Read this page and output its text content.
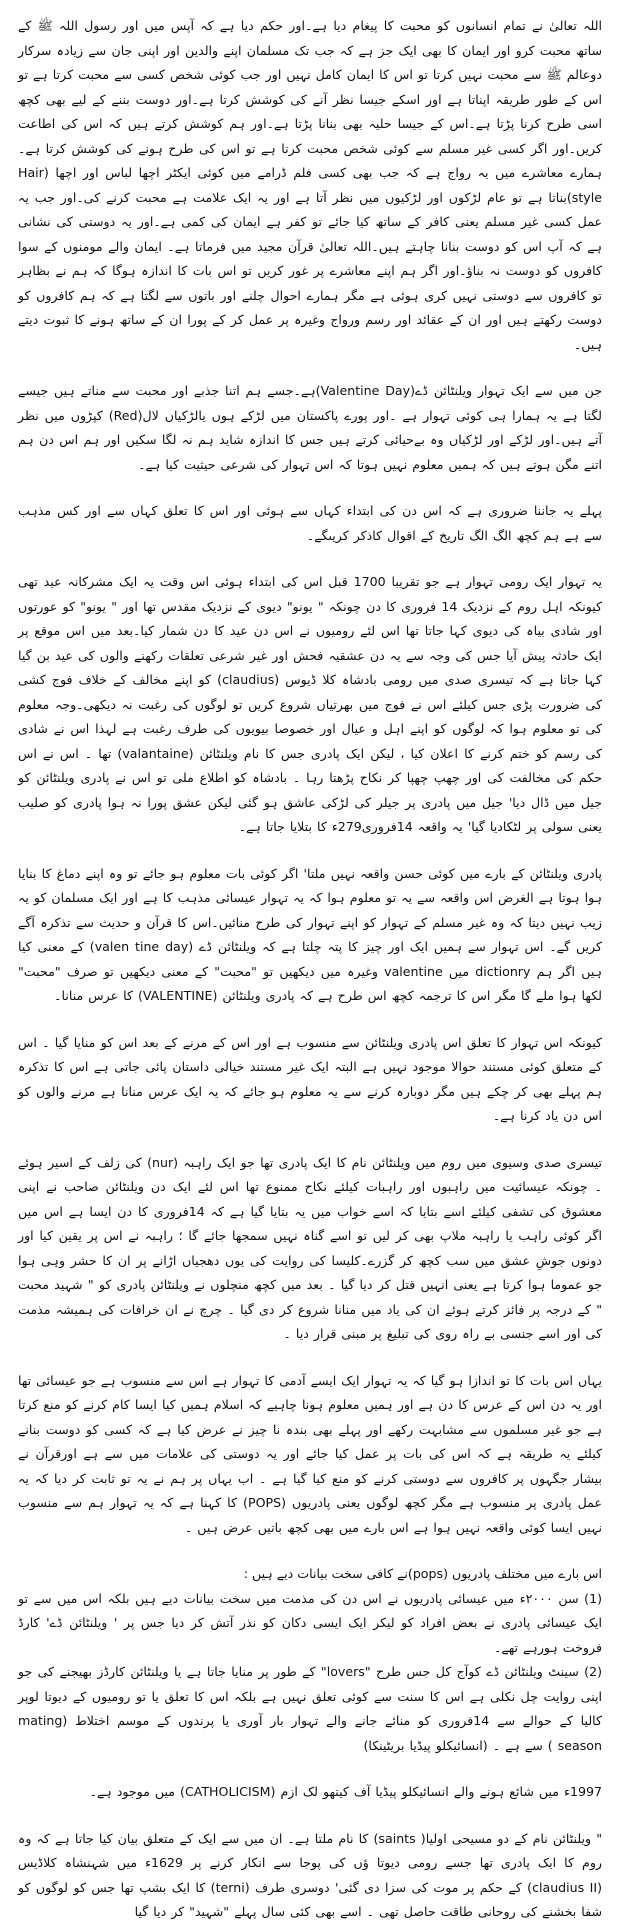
اللہ تعالیٰ نے تمام انسانوں کو محبت کا پیغام دیا ہے۔اور حکم دیا ہے کہ آپس میں اور رسول اللہ ﷺ کے ساتھ محبت کرو اور ایمان کا بھی ایک جز ہے کہ جب تک مسلمان اپنے والدین اور اپنی جان سے زیادہ سرکار دوعالم ﷺ سے محبت نہیں کرتا تو اس کا ایمان کامل نہیں اور جب کوئی شخص کسی سے محبت کرتا ہے تو اس کے طور طریقہ اپناتا ہے اور اسکے جیسا نظر آنے کی کوشش کرتا ہے۔اور دوست بننے کے لیے بھی کچھ اسی طرح کرنا پڑتا ہے۔اس کے جیسا حلیہ بھی بنانا پڑتا ہے۔اور ہم کوشش کرتے ہیں کہ اس کی اطاعت کریں۔اور اگر کسی غیر مسلم سے کوئی شخص محبت کرتا ہے تو اس کی طرح ہونے کی کوشش کرتا ہے۔ہمارے معاشرے میں یہ رواج ہے کہ جب بھی کسی فلم ڈرامے میں کوئی ایکٹر اچھا لباس اور اچھا (Hair style)بناتا ہے تو عام لڑکوں اور لڑکیوں میں نظر آتا ہے اور یہ ایک علامت ہے محبت کرنے کی۔اور جب یہ عمل کسی غیر مسلم یعنی کافر کے ساتھ کیا جائے تو کفر ہے ایمان کی کمی ہے۔اور یہ دوستی کی نشانی ہے کہ آپ اس کو دوست بنانا چاہتے ہیں۔اللہ تعالیٰ قرآن مجید میں فرماتا ہے۔ ایمان والے مومنوں کے سوا کافروں کو دوست نہ بناؤ۔اور اگر ہم اپنے معاشرے پر غور کریں تو اس بات کا اندازہ ہوگا کہ ہم نے بظاہر تو کافروں سے دوستی نہیں کری ہوئی ہے مگر ہمارے احوال چلنے اور باتوں سے لگتا ہے کہ ہم کافروں کو دوست رکھتے ہیں اور ان کے عقائد اور رسم ورواج وغیرہ پر عمل کر کے پورا ان کے ساتھ ہونے کا ثبوت دیتے ہیں۔

جن میں سے ایک تہوار ویلنٹائن ڈے(Valentine Day)ہے۔جسے ہم اتنا جذبے اور محبت سے مناتے ہیں جیسے لگتا ہے یہ ہمارا ہی کوئی تہوار ہے ۔اور پورے پاکستان میں لڑکے ہوں یالڑکیاں لال(Red) کپڑوں میں نظر آتے ہیں۔اور لڑکے اور لڑکیاں وہ بےحیائی کرتے ہیں جس کا اندازہ شاید ہم نہ لگا سکیں اور ہم اس دن ہم اتنے مگن ہوتے ہیں کہ ہمیں معلوم نہیں ہوتا کہ اس تہوار کی شرعی حیثیت کیا ہے۔

پہلے یہ جاننا ضروری ہے کہ اس دن کی ابتداء کہاں سے ہوئی اور اس کا تعلق کہاں سے اور کس مذہب سے ہے ہم کچھ الگ الگ تاریخ کے اقوال کاذکر کریںگے۔

یہ تہوار ایک رومی تہوار ہے جو تقریبا 1700 قبل اس کی ابتداء ہوئی اس وقت یہ ایک مشرکانہ عید تھی کیونکہ اہل روم کے نزدیک 14 فروری کا دن چونکہ " یونو" دیوی کے نزدیک مقدس تھا اور " یونو" کو عورتوں اور شادی بیاہ کی دیوی کہا جاتا تھا اس لئے رومیوں نے اس دن عید کا دن شمار کیا۔بعد میں اس موقع پر ایک حادثہ پیش آیا جس کی وجہ سے یہ دن عشقیہ فحش اور غیر شرعی تعلقات رکھنے والوں کی عید بن گیا کہا جاتا ہے کہ تیسری صدی میں رومی بادشاہ کلا ڈیوس (claudius) کو اپنے مخالف کے خلاف فوج کشی کی ضرورت پڑی جس کیلئے اس نے فوج میں بھرتیاں شروع کریں تو لوگوں کی رغبت نہ دیکھی۔وجہ معلوم کی تو معلوم ہوا کہ لوگوں کو اپنے اہل و عیال اور خصوصا بیویوں کی طرف رغبت ہے لہذا اس نے شادی کی رسم کو ختم کرنے کا اعلان کیا ، لیکن ایک پادری جس کا نام ویلنٹائن (valantaine) تھا ۔ اس نے اس حکم کی مخالفت کی اور چھپ چھپا کر نکاح پڑھتا رہا ۔ بادشاہ کو اطلاع ملی تو اس نے پادری ویلنٹائن کو جیل میں ڈال دیا' جیل میں پادری پر جیلر کی لڑکی عاشق ہو گئی لیکن عشق پورا نہ ہوا پادری کو صلیب یعنی سولی پر لٹکادیا گیا' یہ واقعہ 14فروری279ء کا بتلایا جاتا ہے۔

پادری ویلنٹائن کے بارے میں کوئی حسن واقعہ نہیں ملتا' اگر کوئی بات معلوم ہو جائے تو وہ اپنے دماغ کا بنایا ہوا ہوتا ہے الغرض اس واقعہ سے یہ تو معلوم ہوا کہ یہ تہوار عیسائی مذہب کا ہے اور ایک مسلمان کو یہ زیب نہیں دیتا کہ وہ غیر مسلم کے تہوار کو اپنے تہوار کی طرح منائیں۔اس کا قرآن و حدیث سے تذکرہ آگے کریں گے۔ اس تہوار سے ہمیں ایک اور چیز کا پتہ چلتا ہے کہ ویلنٹائن ڈے (valen tine day) کے معنی کیا ہیں اگر ہم dictionry میں valentine وغیرہ میں دیکھیں تو "محبت" کے معنی دیکھیں تو صرف "محبت" لکھا ہوا ملے گا مگر اس کا ترجمہ کچھ اس طرح ہے کہ پادری ویلنٹائن (VALENTINE) کا عرس منانا۔

کیونکہ اس تہوار کا تعلق اس پادری ویلنٹائن سے منسوب ہے اور اس کے مرنے کے بعد اس کو منایا گیا ۔ اس کے متعلق کوئی مستند حوالا موجود نہیں ہے البتہ ایک غیر مستند خیالی داستان پائی جاتی ہے اس کا تذکرہ ہم پہلے بھی کر چکے ہیں مگر دوبارہ کرنے سے یہ معلوم ہو جائے کہ یہ ایک عرس منانا ہے مرنے والوں کو اس دن یاد کرنا ہے۔

تیسری صدی وسیوی میں روم میں ویلنٹائن نام کا ایک پادری تھا جو ایک راہبہ (nur) کی زلف کے اسیر ہوئے ۔ چونکہ عیسائیت میں راہبوں اور راہبات کیلئے نکاح ممنوع تھا اس لئے ایک دن ویلنٹائن صاحب نے اپنی معشوق کی تشفی کیلئے اسے بتایا کہ اسے خواب میں یہ بتایا گیا ہے کہ 14فروری کا دن ایسا ہے اس میں اگر کوئی راہب یا راہبہ ملاپ بھی کر لیں تو اسے گناہ نہیں سمجھا جائے گا ؛ راہبہ نے اس پر یقین کیا اور دونوں جوشِ عشق میں سب کچھ کر گزرے۔کلیسا کی روایت کی یوں دھجیاں اڑانے پر ان کا حشر وہی ہوا جو عموما ہوا کرتا ہے یعنی انہیں قتل کر دیا گیا ۔ بعد میں کچھ منچلوں نے ویلنٹائن پادری کو " شہید محبت " کے درجہ پر فائز کرتے ہوئے ان کی یاد میں منانا شروع کر دی گیا ۔ چرچ نے ان خرافات کی ہمیشہ مذمت کی اور اسے جنسی بے راہ روی کی تبلیغ پر مبنی قرار دیا ۔

یہاں اس بات کا تو اندازا ہو گیا کہ یہ تہوار ایک ایسے آدمی کا تہوار ہے اس سے منسوب ہے جو عیسائی تھا اور یہ دن اس کے عرس کا دن ہے اور ہمیں معلوم ہونا چاہیے کہ اسلام ہمیں کیا ایسا کام کرنے کو منع کرتا ہے جو غیر مسلموں سے مشابہت رکھے اور پہلے بھی بندہ نا چیز نے عرض کیا ہے کہ کسی کو دوست بنانے کیلئے یہ طریقہ ہے کہ اس کی بات پر عمل کیا جائے اور یہ دوستی کی علامات میں سے ہے اورقرآن نے بیشار جگہوں پر کافروں سے دوستی کرنے کو منع کیا گیا ہے ۔ اب یہاں پر ہم نے یہ تو ثابت کر دیا کہ یہ عمل پادری پر منسوب ہے مگر کچھ لوگوں یعنی پادریوں (POPS) کا کہنا ہے کہ یہ تہوار ہم سے منسوب نہیں ایسا کوئی واقعہ نہیں ہوا ہے اس بارے میں بھی کچھ باتیں عرض ہیں ۔

اس بارے میں مختلف پادریوں (pops)نے کافی سخت بیانات دیے ہیں :

(1) سن ٢٠٠٠ء میں عیسائی پادریوں نے اس دن کی مذمت میں سخت بیانات دیے ہیں بلکہ اس میں سے تو ایک عیسائی پادری نے بعض افراد کو لیکر ایک ایسی دکان کو نذر آتش کر دیا جس پر ' ویلنٹائن ڈے' کارڈ فروخت ہورہے تھے۔

(2) سینٹ ویلنٹائن ڈے کوآج کل جس طرح "lovers" کے طور پر منایا جاتا ہے یا ویلنٹائن کارڈز بھیجنے کی جو اپنی روایت چل نکلی ہے اس کا سنت سے کوئی تعلق نہیں ہے بلکہ اس کا تعلق یا تو رومیوں کے دیوتا لوپر کالیا کے حوالے سے 14فروری کو منائے جانے والے تہوار بار آوری یا پرندوں کے موسم اختلاط (mating season ) سے ہے ۔ (انسائیکلو پیڈیا بریٹینکا)

1997ء میں شائع ہونے والے انسائیکلو پیڈیا آف کیتھو لک ازم (CATHOLICISM) میں موجود ہے۔

" ویلنٹائن نام کے دو مسیحی اولیا( saints) کا نام ملتا ہے۔ ان میں سے ایک کے متعلق بیان کیا جاتا ہے کہ وہ روم کا ایک پادری تھا جسے رومی دیوتا ؤں کی پوجا سے انکار کرنے پر 1629ء میں شہنشاہ کلاڈیس (claudius II) کے حکم پر موت کی سزا دی گئی' دوسری طرف (terni) کا ایک بشپ تھا جس کو لوگوں کو شفا بخشنے کی روحانی طاقت حاصل تھی ۔ اسے بھی کئی سال پہلے "شہید" کر دیا گیا
